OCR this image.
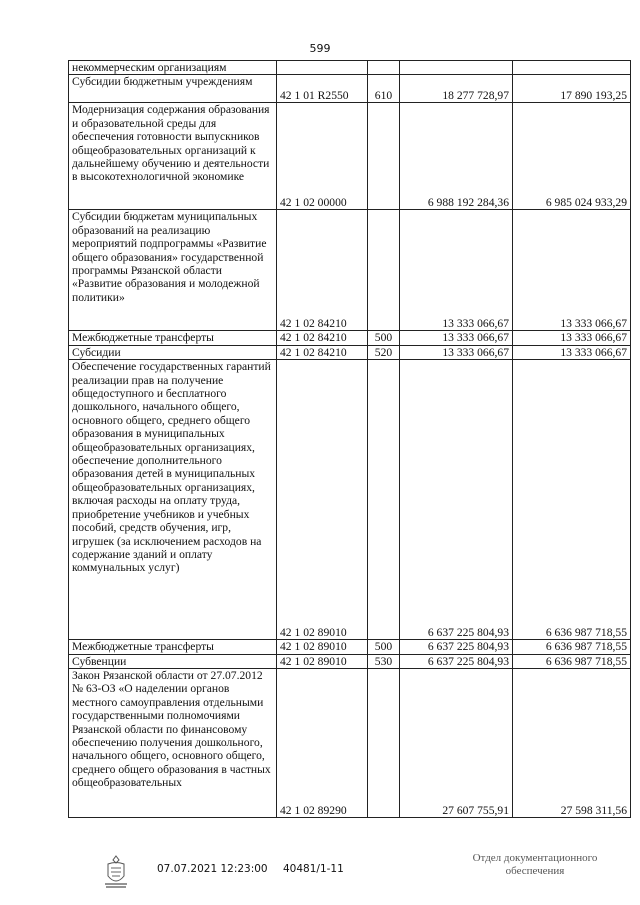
599
некоммерческим организациям				
Субсидии бюджетным учреждениям	42 1 01 R2550	610	18 277 728,97	17 890 193,25
Модернизация содержания образования и образовательной среды для обеспечения готовности выпускников общеобразовательных организаций к дальнейшему обучению и деятельности в высокотехнологичной экономике	42 1 02 00000		6 988 192 284,36	6 985 024 933,29
Субсидии бюджетам муниципальных образований на реализацию мероприятий подпрограммы «Развитие общего образования» государственной программы Рязанской области «Развитие образования и молодежной политики»	42 1 02 84210		13 333 066,67	13 333 066,67
Межбюджетные трансферты	42 1 02 84210	500	13 333 066,67	13 333 066,67
Субсидии	42 1 02 84210	520	13 333 066,67	13 333 066,67
Обеспечение государственных гарантий реализации прав на получение общедоступного и бесплатного дошкольного, начального общего, основного общего, среднего общего образования в муниципальных общеобразовательных организациях, обеспечение дополнительного образования детей в муниципальных общеобразовательных организациях, включая расходы на оплату труда, приобретение учебников и учебных пособий, средств обучения, игр, игрушек (за исключением расходов на содержание зданий и оплату коммунальных услуг)	42 1 02 89010		6 637 225 804,93	6 636 987 718,55
Межбюджетные трансферты	42 1 02 89010	500	6 637 225 804,93	6 636 987 718,55
Субвенции	42 1 02 89010	530	6 637 225 804,93	6 636 987 718,55
Закон Рязанской области от 27.07.2012 № 63-ОЗ «О наделении органов местного самоуправления отдельными государственными полномочиями Рязанской области по финансовому обеспечению получения дошкольного, начального общего, основного общего, среднего общего образования в частных общеобразовательных	42 1 02 89290		27 607 755,91	27 598 311,56
07.07.2021 12:23:00 40481/1-11
Отдел документационного
обеспечения
